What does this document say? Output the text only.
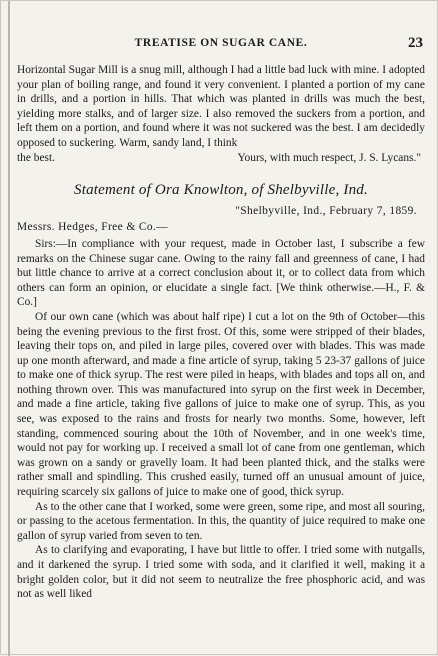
TREATISE ON SUGAR CANE.	23

Horizontal Sugar Mill is a snug mill, although I had a little bad luck with mine. I adopted your plan of boiling range, and found it very convenient. I planted a portion of my cane in drills, and a portion in hills. That which was planted in drills was much the best, yielding more stalks, and of larger size. I also removed the suckers from a portion, and left them on a portion, and found where it was not suckered was the best. I am decidedly opposed to suckering. Warm, sandy land, I think

the best.	Yours, with much respect, J. S. Lycans."
Statement of Ora Knowlton, of Shelbyville, Ind.
"Shelbyville, Ind., February 7, 1859.
Messrs. Hedges, Free & Co.—

Sirs:—In compliance with your request, made in October last, I subscribe a few remarks on the Chinese sugar cane. Owing to the rainy fall and greenness of cane, I had but little chance to arrive at a correct conclusion about it, or to collect data from which others can form an opinion, or elucidate a single fact. [We think otherwise.—H., F. & Co.]

Of our own cane (which was about half ripe) I cut a lot on the 9th of October—this being the evening previous to the first frost. Of this, some were stripped of their blades, leaving their tops on, and piled in large piles, covered over with blades. This was made up one month afterward, and made a fine article of syrup, taking 5 23-37 gallons of juice to make one of thick syrup. The rest were piled in heaps, with blades and tops all on, and nothing thrown over. This was manufactured into syrup on the first week in December, and made a fine article, taking five gallons of juice to make one of syrup. This, as you see, was exposed to the rains and frosts for nearly two months. Some, however, left standing, commenced souring about the 10th of November, and in one week's time, would not pay for working up. I received a small lot of cane from one gentleman, which was grown on a sandy or gravelly loam. It had been planted thick, and the stalks were rather small and spindling. This crushed easily, turned off an unusual amount of juice, requiring scarcely six gallons of juice to make one of good, thick syrup.

As to the other cane that I worked, some were green, some ripe, and most all souring, or passing to the acetous fermentation. In this, the quantity of juice required to make one gallon of syrup varied from seven to ten.

As to clarifying and evaporating, I have but little to offer. I tried some with nutgalls, and it darkened the syrup. I tried some with soda, and it clarified it well, making it a bright golden color, but it did not seem to neutralize the free phosphoric acid, and was not as well liked
